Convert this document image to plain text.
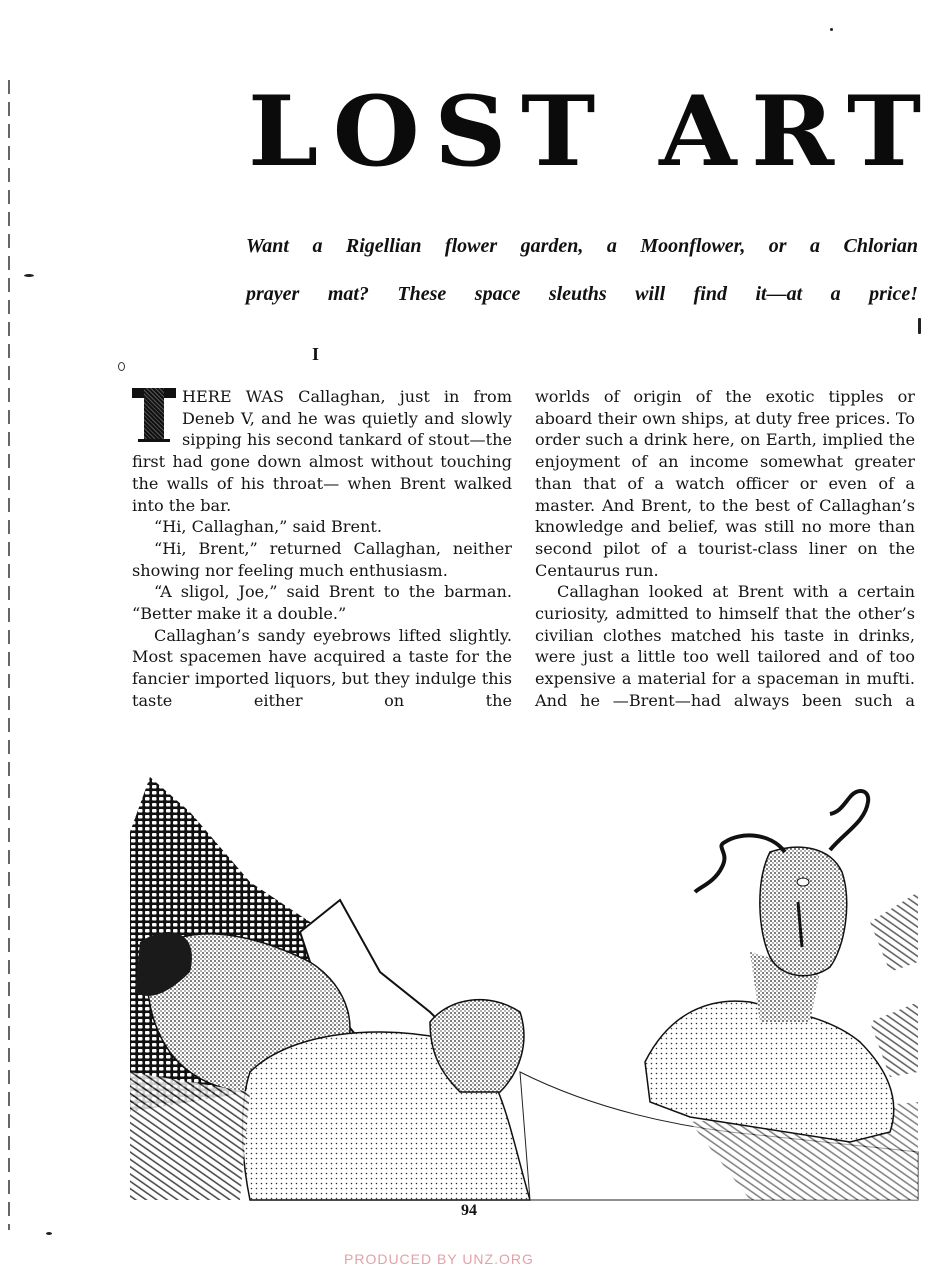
LOST ART
Want a Rigellian flower garden, a Moonflower, or a Chlorian
prayer mat? These space sleuths will find it—at a price!
I

HERE WAS Callaghan, just in from Deneb V, and he was quietly and slowly sipping his second tankard of stout—the first had gone down almost without touching the walls of his throat— when Brent walked into the bar.

“Hi, Callaghan,” said Brent.

“Hi, Brent,” returned Callaghan, neither showing nor feeling much enthusiasm.

“A sligol, Joe,” said Brent to the barman. “Better make it a double.”

Callaghan’s sandy eyebrows lifted slightly. Most spacemen have acquired a taste for the fancier imported liquors, but they indulge this taste either on the

worlds of origin of the exotic tipples or aboard their own ships, at duty free prices. To order such a drink here, on Earth, implied the enjoyment of an income somewhat greater than that of a watch officer or even of a master. And Brent, to the best of Callaghan’s knowledge and belief, was still no more than second pilot of a tourist-class liner on the Centaurus run.

Callaghan looked at Brent with a certain curiosity, admitted to himself that the other’s civilian clothes matched his taste in drinks, were just a little too well tailored and of too expensive a material for a spaceman in mufti. And he —Brent—had always been such a

94
PRODUCED BY UNZ.ORG
